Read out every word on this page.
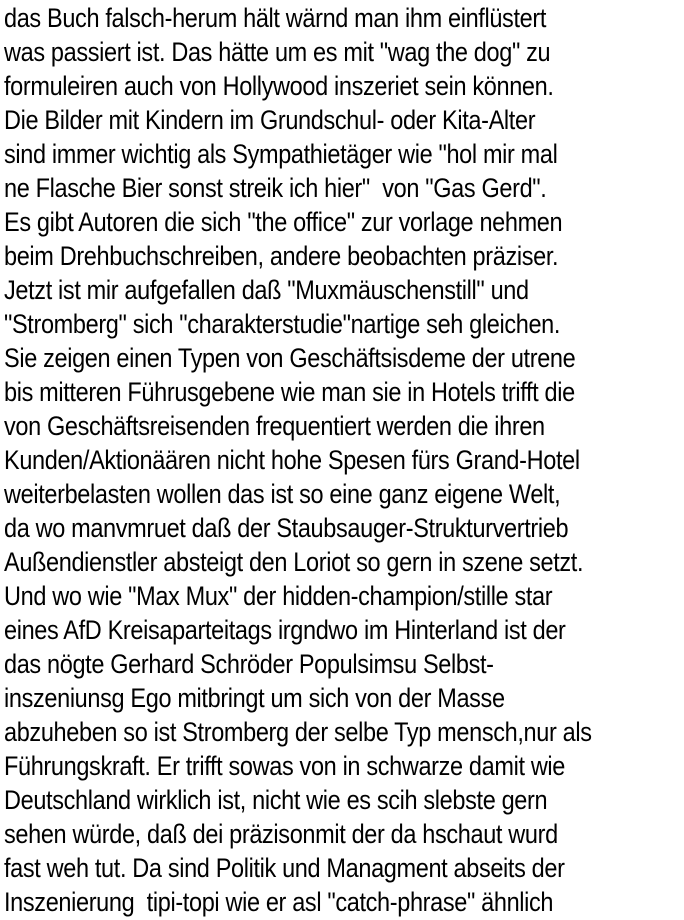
das Buch falsch-herum hält wärnd man ihm einflüstert
was passiert ist. Das hätte um es mit "wag the dog" zu
formuleiren auch von Hollywood inszeriet sein können.
Die Bilder mit Kindern im Grundschul- oder Kita-Alter
sind immer wichtig als Sympathietäger wie "hol mir mal
ne Flasche Bier sonst streik ich hier"  von "Gas Gerd".
Es gibt Autoren die sich "the office" zur vorlage nehmen
beim Drehbuchschreiben, andere beobachten präziser.
Jetzt ist mir aufgefallen daß "Muxmäuschenstill" und
"Stromberg" sich "charakterstudie"nartige seh gleichen.
Sie zeigen einen Typen von Geschäftsisdeme der utrene
bis mitteren Führusgebene wie man sie in Hotels trifft die
von Geschäftsreisenden frequentiert werden die ihren
Kunden/Aktionäären nicht hohe Spesen fürs Grand-Hotel
weiterbelasten wollen das ist so eine ganz eigene Welt,
da wo manvmruet daß der Staubsauger-Strukturvertrieb
Außendienstler absteigt den Loriot so gern in szene setzt.
Und wo wie "Max Mux" der hidden-champion/stille star
eines AfD Kreisaparteitags irgndwo im Hinterland ist der
das nögte Gerhard Schröder Populsimsu Selbst-
inszeniunsg Ego mitbringt um sich von der Masse
abzuheben so ist Stromberg der selbe Typ mensch,nur als
Führungskraft. Er trifft sowas von in schwarze damit wie
Deutschland wirklich ist, nicht wie es scih slebste gern
sehen würde, daß dei präzisonmit der da hschaut wurd
fast weh tut. Da sind Politik und Managment abseits der
Inszenierung  tipi-topi wie er asl "catch-phrase" ähnlich
